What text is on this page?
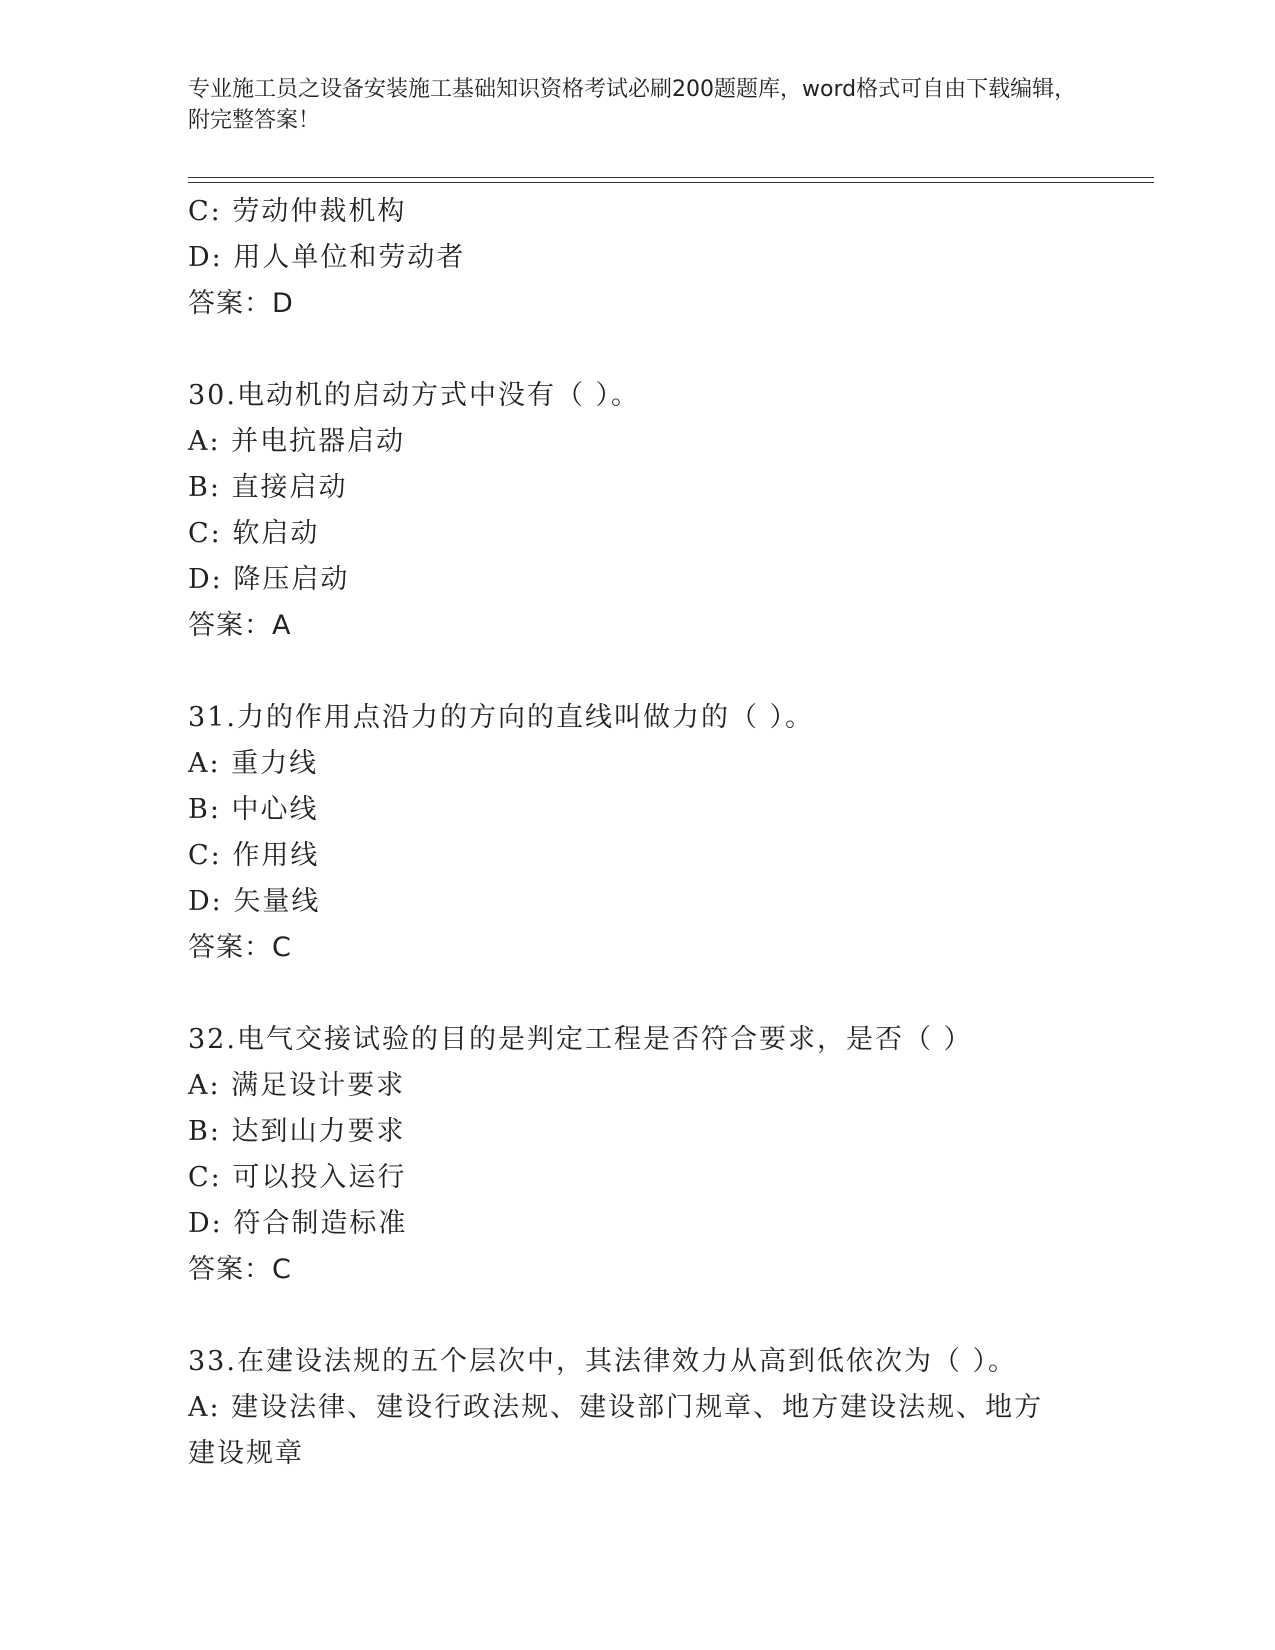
专业施工员之设备安装施工基础知识资格考试必刷200题题库，word格式可自由下载编辑，附完整答案！
C: 劳动仲裁机构
D: 用人单位和劳动者
答案：D
30.电动机的启动方式中没有（ ）。
A: 并电抗器启动
B: 直接启动
C: 软启动
D: 降压启动
答案：A
31.力的作用点沿力的方向的直线叫做力的（ ）。
A: 重力线
B: 中心线
C: 作用线
D: 矢量线
答案：C
32.电气交接试验的目的是判定工程是否符合要求，是否（ ）
A: 满足设计要求
B: 达到山力要求
C: 可以投入运行
D: 符合制造标准
答案：C
33.在建设法规的五个层次中，其法律效力从高到低依次为（ ）。
A: 建设法律、建设行政法规、建设部门规章、地方建设法规、地方建设规章
